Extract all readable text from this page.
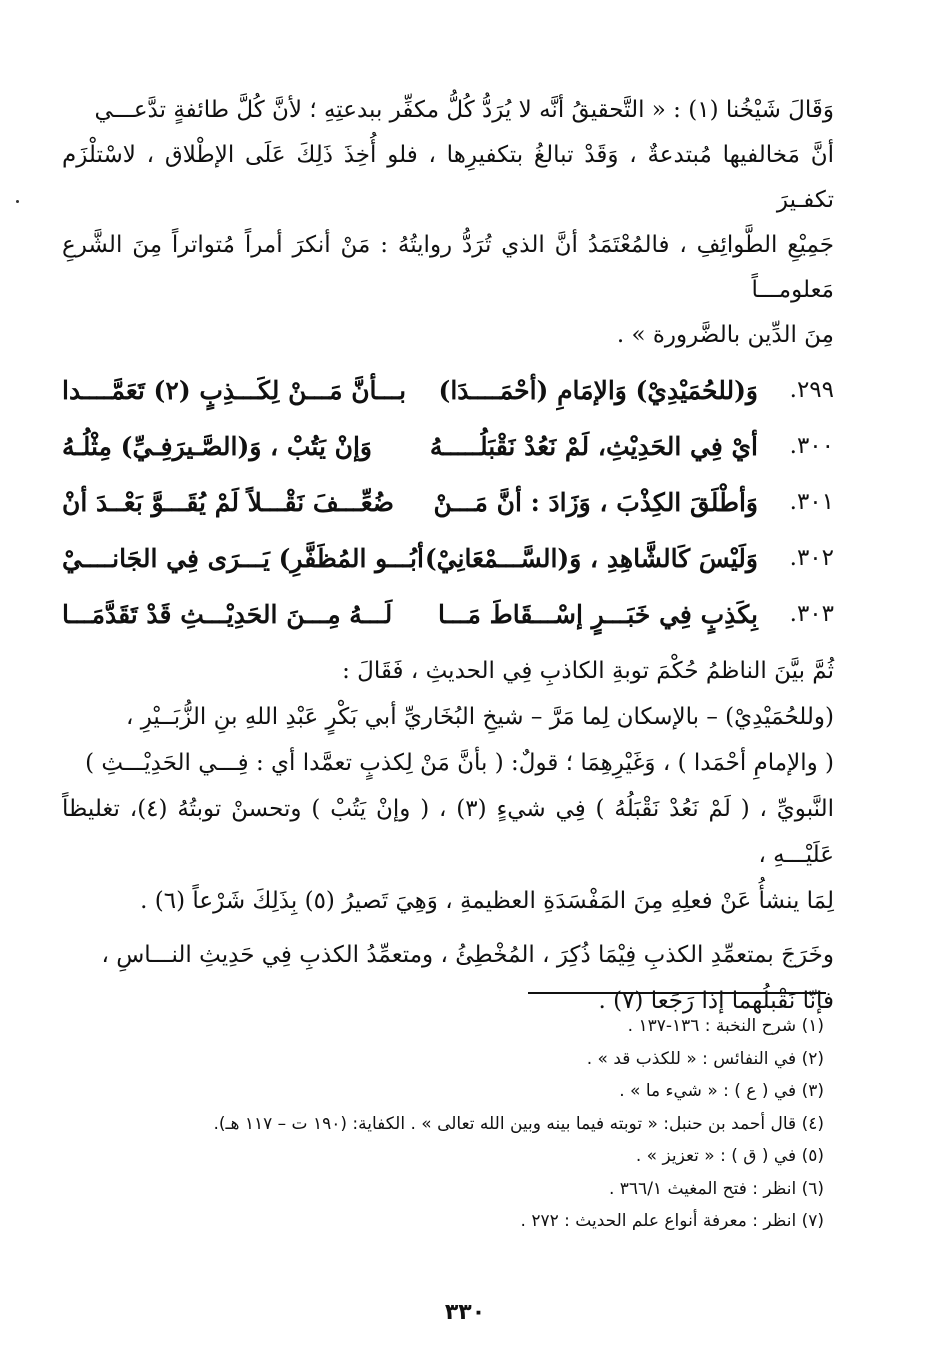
وَقَالَ شَيْخُنا (١) : « التَّحقيقُ أنَّه لا يُرَدُّ كُلُّ مكفِّر ببدعتِهِ ؛ لأنَّ كُلَّ طائفةٍ تدَّعـــي
أنَّ مَخالفيها مُبتدعةٌ ، وَقَدْ تبالغُ بتكفيرِها ، فلو أُخِذَ ذَلِكَ عَلَى الإطْلاق ، لاسْتلْزَم تكفـيرَ
جَمِيْعِ الطَّوائِفِ ، فالمُعْتَمَدُ أنَّ الذي تُرَدُّ روايتُهُ : مَنْ أنكرَ أمراً مُتواتراً مِنَ الشَّرعِ مَعلومـــاً
مِنَ الدِّين بالضَّرورة » .
٢٩٩.
وَ(للحُمَيْدِيْ) وَالإمَامِ (أحْمَــــدَا)
بـــأنَّ مَـــنْ لِكَـــذِبٍ (٢) تَعَمَّــــدا
٣٠٠.
أيْ فِي الحَدِيْثِ، لَمْ نَعُدْ نَقْبَلُـــــهُ
وَإنْ يَتُبْ ، وَ(الصَّـيرَفِـيِّ) مِثْلُـهُ
٣٠١.
وَأطْلَقَ الكِذْبَ ، وَزَادَ : أنَّ مَـــنْ
ضُعِّـــفَ نَقْـــلاً لَمْ يُقَـــوَّ بَعْــدَ أنْ
٣٠٢.
وَلَيْسَ كَالشَّاهِدِ ، وَ(السَّـــمْعَانِيْ)
أبُـــو المُظَفَّرِ) يَـــرَى فِي الجَانــــيْ
٣٠٣.
بِكَذِبٍ فِي خَبَـــرٍ إسْـــقَاطَ مَـــا
لَـــهُ مِـــنَ الحَدِيْـــثِ قَدْ تَقَدَّمَـــا
ثُمَّ بيَّنَ الناظمُ حُكْمَ توبةِ الكاذبِ فِي الحديثِ ، فَقَالَ :
(وللحُمَيْدِيْ) – بالإسكان لِما مَرَّ – شيخِ البُخَاريِّ أبي بَكْرٍ عَبْدِ اللهِ بنِ الزُّبَــيْرِ ،
( والإمامِ أحْمَدا ) ، وَغَيْرِهِمَا ؛ قولٌ: ( بأنَّ مَنْ لِكذبٍ تعمَّدا أي : فِـــي الحَدِيْـــثِ )
النَّبويِّ ، ( لَمْ نَعُدْ نَقْبَلُهُ ) فِي شيءٍ (٣) ، ( وإنْ يَتُبْ ) وتحسنْ توبتُهُ (٤)، تغليظاً عَلَيْـــهِ ،
لِمَا ينشأُ عَنْ فعلِهِ مِنَ المَفْسَدَةِ العظيمةِ ، وَهِيَ تَصيرُ (٥) بِذَلِكَ شَرْعاً (٦) .
وخَرَجَ بمتعمِّدِ الكذبِ فِيْمَا ذُكِرَ ، المُخْطِئُ ، ومتعمِّدُ الكذبِ فِي حَدِيثِ النـــاسِ ،
فإنّا نَقْبلُهما إذا رَجَعا (٧) .
(١) شرح النخبة : ١٣٦-١٣٧ .
(٢) في النفائس : « للكذب قد » .
(٣) في ( ع ) : « شيء ما » .
(٤) قال أحمد بن حنبل: « توبته فيما بينه وبين الله تعالى » . الكفاية: (١٩٠ ت – ١١٧ هـ).
(٥) في ( ق ) : « تعزيز » .
(٦) انظر : فتح المغيث ٣٦٦/١ .
(٧) انظر : معرفة أنواع علم الحديث : ٢٧٢ .
٣٣٠
